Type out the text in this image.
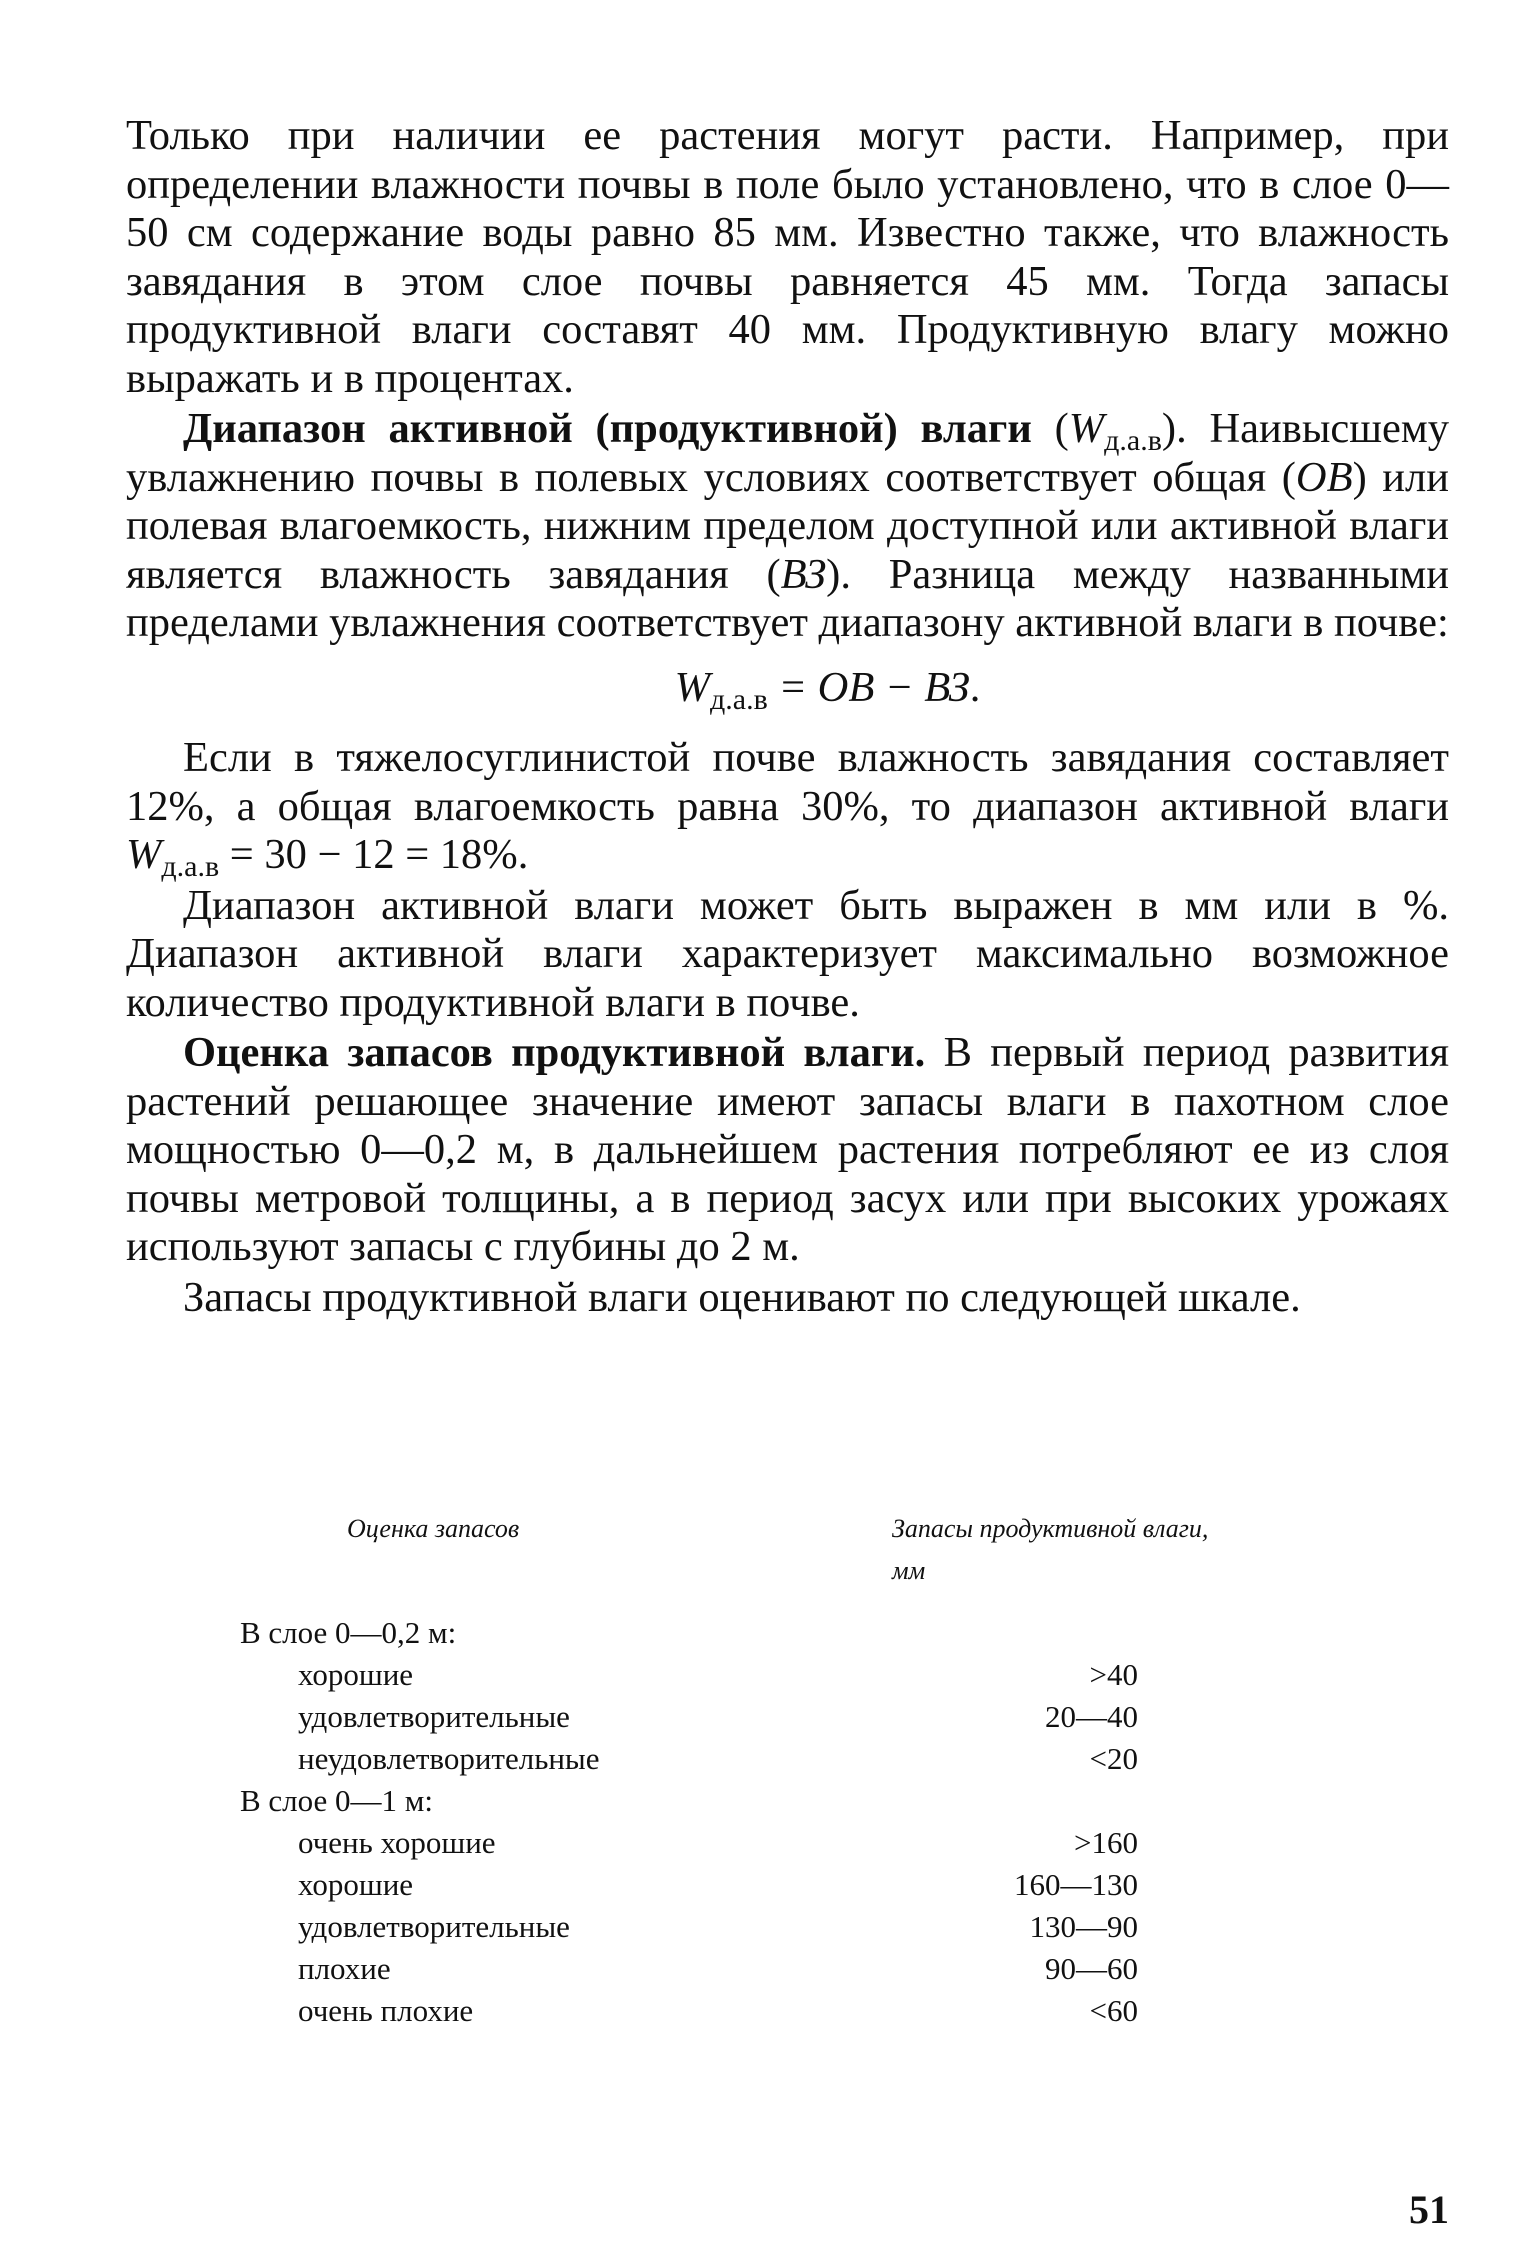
Только при наличии ее растения могут расти. Например, при определении влажности почвы в поле было установлено, что в слое 0—50 см содержание воды равно 85 мм. Известно также, что влажность завядания в этом слое почвы равняется 45 мм. Тогда запасы продуктивной влаги составят 40 мм. Продуктивную влагу можно выражать и в процентах.

Диапазон активной (продуктивной) влаги $(W_{д.а.в})$. Наивысшему увлажнению почвы в полевых условиях соответствует общая (ОВ) или полевая влагоемкость, нижним пределом доступной или активной влаги является влажность завядания (ВЗ). Разница между названными пределами увлажнения соответствует диапазону активной влаги в почве:

$W_{д.а.в}$ = ОВ − ВЗ.

Если в тяжелосуглинистой почве влажность завядания составляет 12%, а общая влагоемкость равна 30%, то диапазон активной влаги $W_{д.а.в} = 30 - 12 = 18\%$.

Диапазон активной влаги может быть выражен в мм или в %. Диапазон активной влаги характеризует максимально возможное количество продуктивной влаги в почве.

Оценка запасов продуктивной влаги. В первый период развития растений решающее значение имеют запасы влаги в пахотном слое мощностью 0—0,2 м, в дальнейшем растения потребляют ее из слоя почвы метровой толщины, а в период засух или при высоких урожаях используют запасы с глубины до 2 м.

Запасы продуктивной влаги оценивают по следующей шкале.

Оценка запасов	Запасы продуктивной влаги, мм
В слое 0—0,2 м:
хорошие	>40
удовлетворительные	20—40
неудовлетворительные	<20
В слое 0—1 м:
очень хорошие	>160
хорошие	160—130
удовлетворительные	130—90
плохие	90—60
очень плохие	<60
51
